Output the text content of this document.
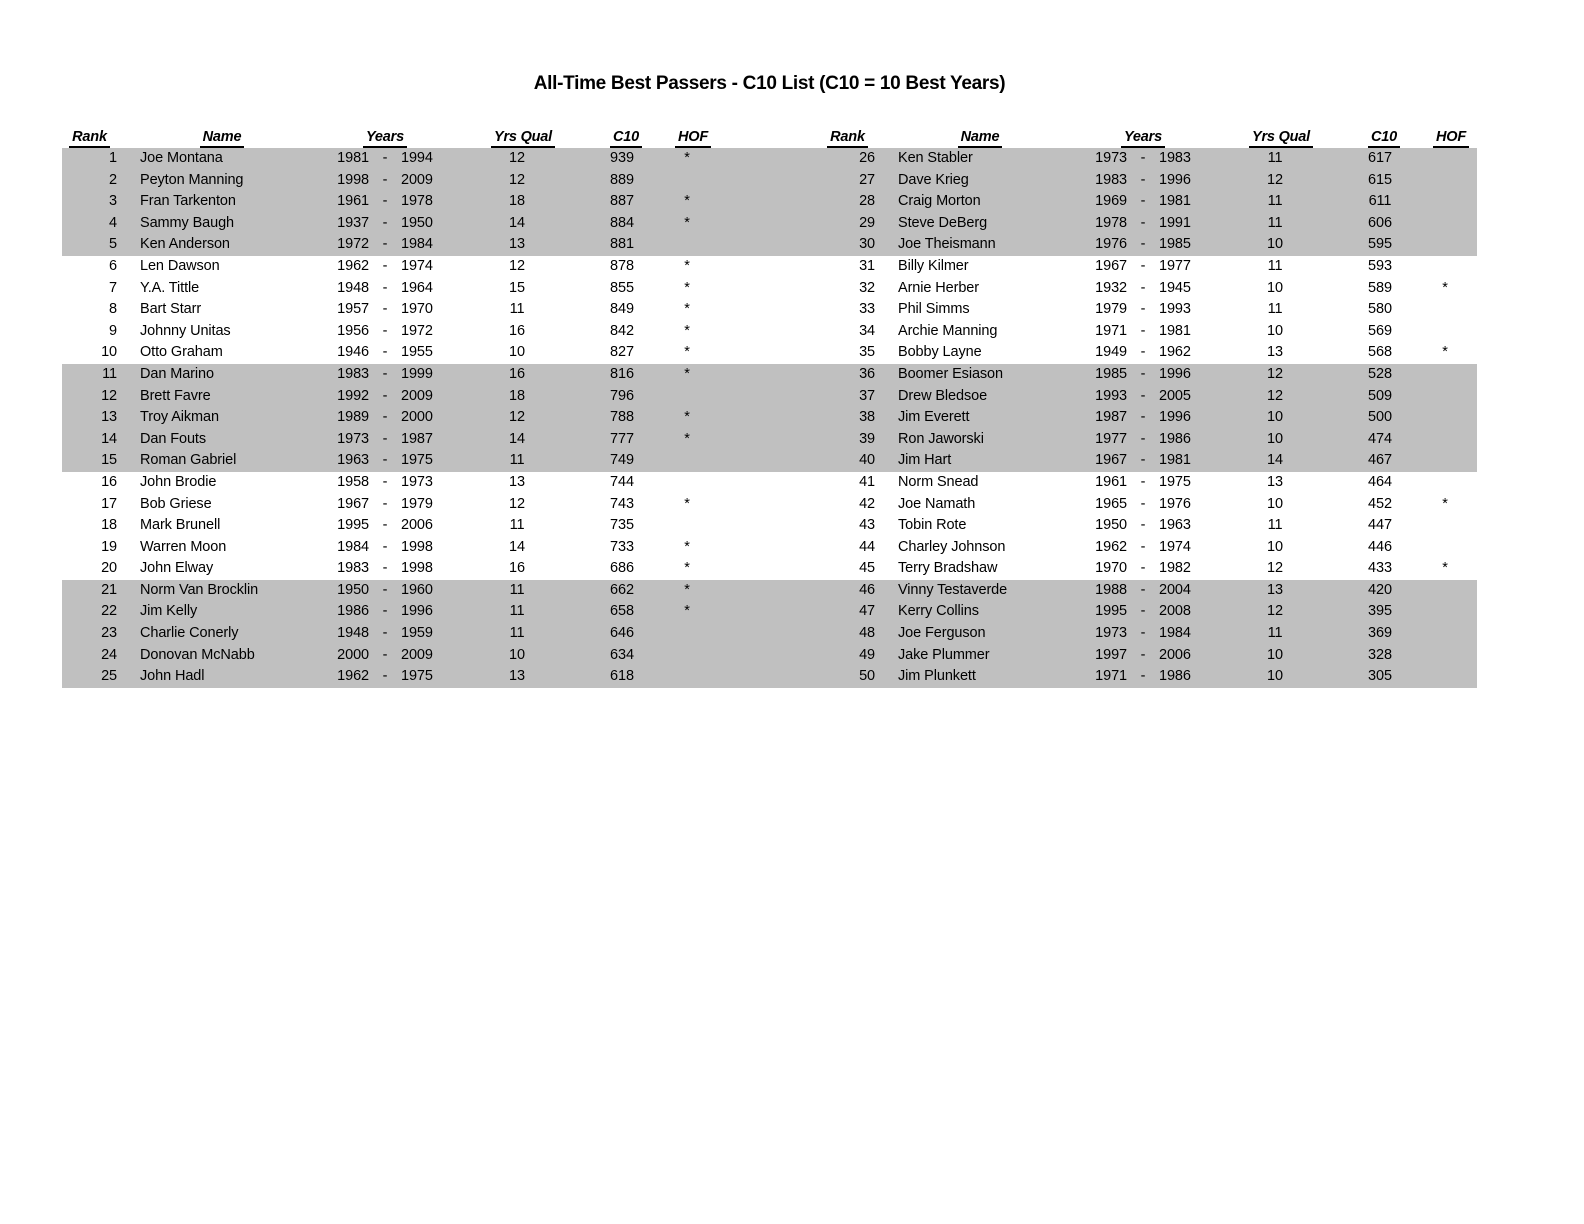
All-Time Best Passers - C10 List (C10 = 10 Best Years)
Rank	Name	Years	Yrs Qual	C10	HOF
1 Joe Montana	1981 - 1994	12	939	*
2 Peyton Manning	1998 - 2009	12	889
3 Fran Tarkenton	1961 - 1978	18	887	*
4 Sammy Baugh	1937 - 1950	14	884	*
5 Ken Anderson	1972 - 1984	13	881
6 Len Dawson	1962 - 1974	12	878	*
7 Y.A. Tittle	1948 - 1964	15	855	*
8 Bart Starr	1957 - 1970	11	849	*
9 Johnny Unitas	1956 - 1972	16	842	*
10 Otto Graham	1946 - 1955	10	827	*
11 Dan Marino	1983 - 1999	16	816	*
12 Brett Favre	1992 - 2009	18	796
13 Troy Aikman	1989 - 2000	12	788	*
14 Dan Fouts	1973 - 1987	14	777	*
15 Roman Gabriel	1963 - 1975	11	749
16 John Brodie	1958 - 1973	13	744
17 Bob Griese	1967 - 1979	12	743	*
18 Mark Brunell	1995 - 2006	11	735
19 Warren Moon	1984 - 1998	14	733	*
20 John Elway	1983 - 1998	16	686	*
21 Norm Van Brocklin	1950 - 1960	11	662	*
22 Jim Kelly	1986 - 1996	11	658	*
23 Charlie Conerly	1948 - 1959	11	646
24 Donovan McNabb	2000 - 2009	10	634
25 John Hadl	1962 - 1975	13	618
Rank	Name	Years	Yrs Qual	C10	HOF
26 Ken Stabler	1973 - 1983	11	617
27 Dave Krieg	1983 - 1996	12	615
28 Craig Morton	1969 - 1981	11	611
29 Steve DeBerg	1978 - 1991	11	606
30 Joe Theismann	1976 - 1985	10	595
31 Billy Kilmer	1967 - 1977	11	593
32 Arnie Herber	1932 - 1945	10	589	*
33 Phil Simms	1979 - 1993	11	580
34 Archie Manning	1971 - 1981	10	569
35 Bobby Layne	1949 - 1962	13	568	*
36 Boomer Esiason	1985 - 1996	12	528
37 Drew Bledsoe	1993 - 2005	12	509
38 Jim Everett	1987 - 1996	10	500
39 Ron Jaworski	1977 - 1986	10	474
40 Jim Hart	1967 - 1981	14	467
41 Norm Snead	1961 - 1975	13	464
42 Joe Namath	1965 - 1976	10	452	*
43 Tobin Rote	1950 - 1963	11	447
44 Charley Johnson	1962 - 1974	10	446
45 Terry Bradshaw	1970 - 1982	12	433	*
46 Vinny Testaverde	1988 - 2004	13	420
47 Kerry Collins	1995 - 2008	12	395
48 Joe Ferguson	1973 - 1984	11	369
49 Jake Plummer	1997 - 2006	10	328
50 Jim Plunkett	1971 - 1986	10	305
